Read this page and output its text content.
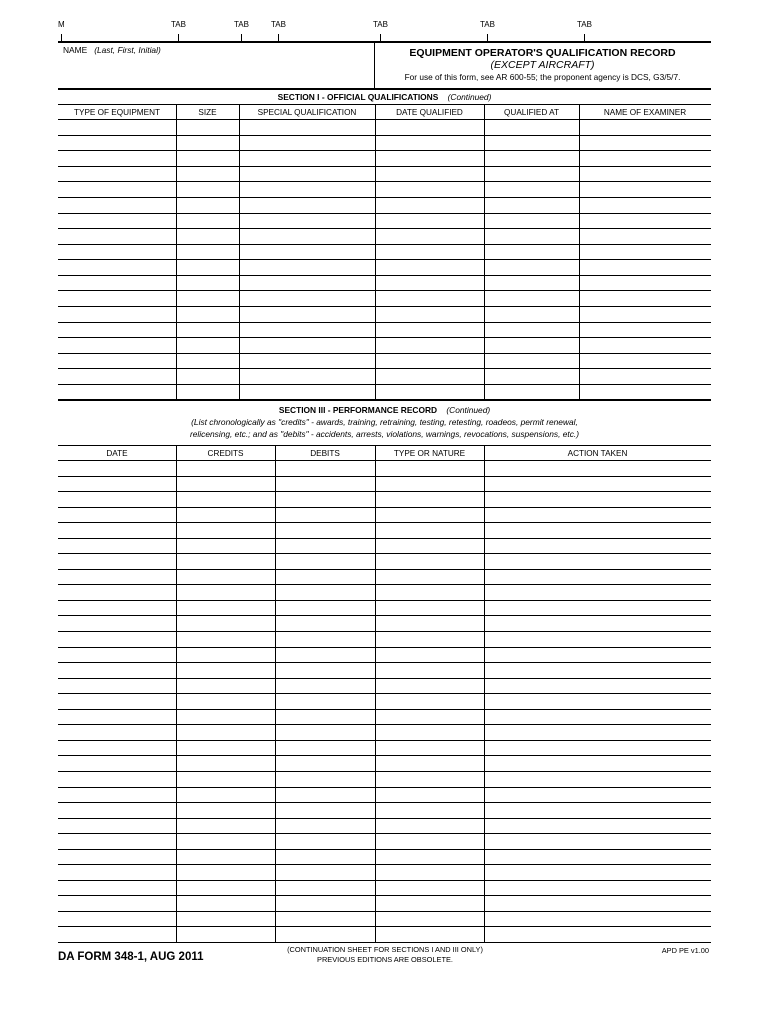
M	TAB	TAB	TAB	TAB	TAB	TAB
NAME (Last, First, Initial)	EQUIPMENT OPERATOR'S QUALIFICATION RECORD
(EXCEPT AIRCRAFT)
For use of this form, see AR 600-55; the proponent agency is DCS, G3/5/7.
SECTION I - OFFICIAL QUALIFICATIONS (Continued)
TYPE OF EQUIPMENT	SIZE	SPECIAL QUALIFICATION	DATE QUALIFIED	QUALIFIED AT	NAME OF EXAMINER
SECTION III - PERFORMANCE RECORD (Continued)
(List chronologically as "credits" - awards, training, retraining, testing, retesting, roadeos, permit renewal,
relicensing, etc.; and as "debits" - accidents, arrests, violations, warnings, revocations, suspensions, etc.)
DATE	CREDITS	DEBITS	TYPE OR NATURE	ACTION TAKEN
DA FORM 348-1, AUG 2011
(CONTINUATION SHEET FOR SECTIONS I AND III ONLY)
PREVIOUS EDITIONS ARE OBSOLETE.
APD PE v1.00
